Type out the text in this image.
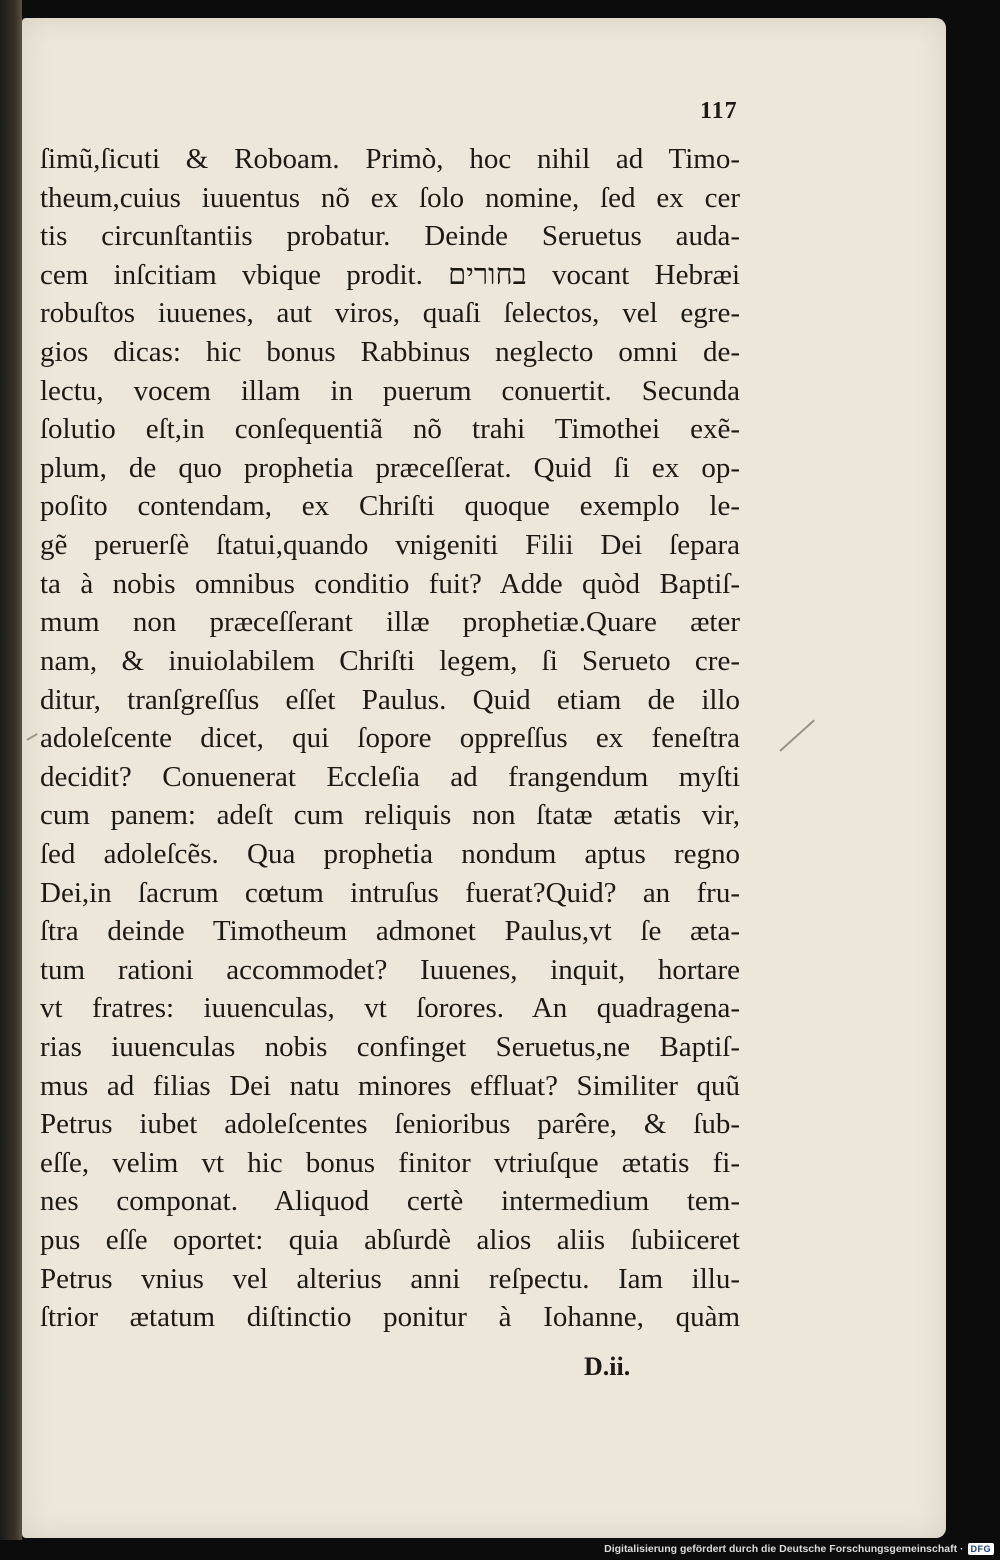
117
ſimũ,ſicuti & Roboam. Primò, hoc nihil ad Timo-
theum,cuius iuuentus nõ ex ſolo nomine, ſed ex cer
tis circunſtantiis probatur. Deinde Seruetus auda-
cem inſcitiam vbique prodit. בחורים vocant Hebræi
robuſtos iuuenes, aut viros, quaſi ſelectos, vel egre-
gios dicas: hic bonus Rabbinus neglecto omni de-
lectu, vocem illam in puerum conuertit. Secunda
ſolutio eſt,in conſequentiã nõ trahi Timothei exẽ-
plum, de quo prophetia præceſſerat. Quid ſi ex op-
poſito contendam, ex Chriſti quoque exemplo le-
gẽ peruerſè ſtatui,quando vnigeniti Filii Dei ſepara
ta à nobis omnibus conditio fuit? Adde quòd Baptiſ-
mum non præceſſerant illæ prophetiæ.Quare æter
nam, & inuiolabilem Chriſti legem, ſi Serueto cre-
ditur, tranſgreſſus eſſet Paulus. Quid etiam de illo
adoleſcente dicet, qui ſopore oppreſſus ex feneſtra
decidit? Conuenerat Eccleſia ad frangendum myſti
cum panem: adeſt cum reliquis non ſtatæ ætatis vir,
ſed adoleſcẽs. Qua prophetia nondum aptus regno
Dei,in ſacrum cœtum intruſus fuerat?Quid? an fru-
ſtra deinde Timotheum admonet Paulus,vt ſe æta-
tum rationi accommodet? Iuuenes, inquit, hortare
vt fratres: iuuenculas, vt ſorores. An quadragena-
rias iuuenculas nobis confinget Seruetus,ne Baptiſ-
mus ad filias Dei natu minores effluat? Similiter quũ
Petrus iubet adoleſcentes ſenioribus parêre, & ſub-
eſſe, velim vt hic bonus finitor vtriuſque ætatis fi-
nes componat. Aliquod certè intermedium tem-
pus eſſe oportet: quia abſurdè alios aliis ſubiiceret
Petrus vnius vel alterius anni reſpectu. Iam illu-
ſtrior ætatum diſtinctio ponitur à Iohanne, quàm
D.ii.
Digitalisierung gefördert durch die Deutsche Forschungsgemeinschaft · DFG
